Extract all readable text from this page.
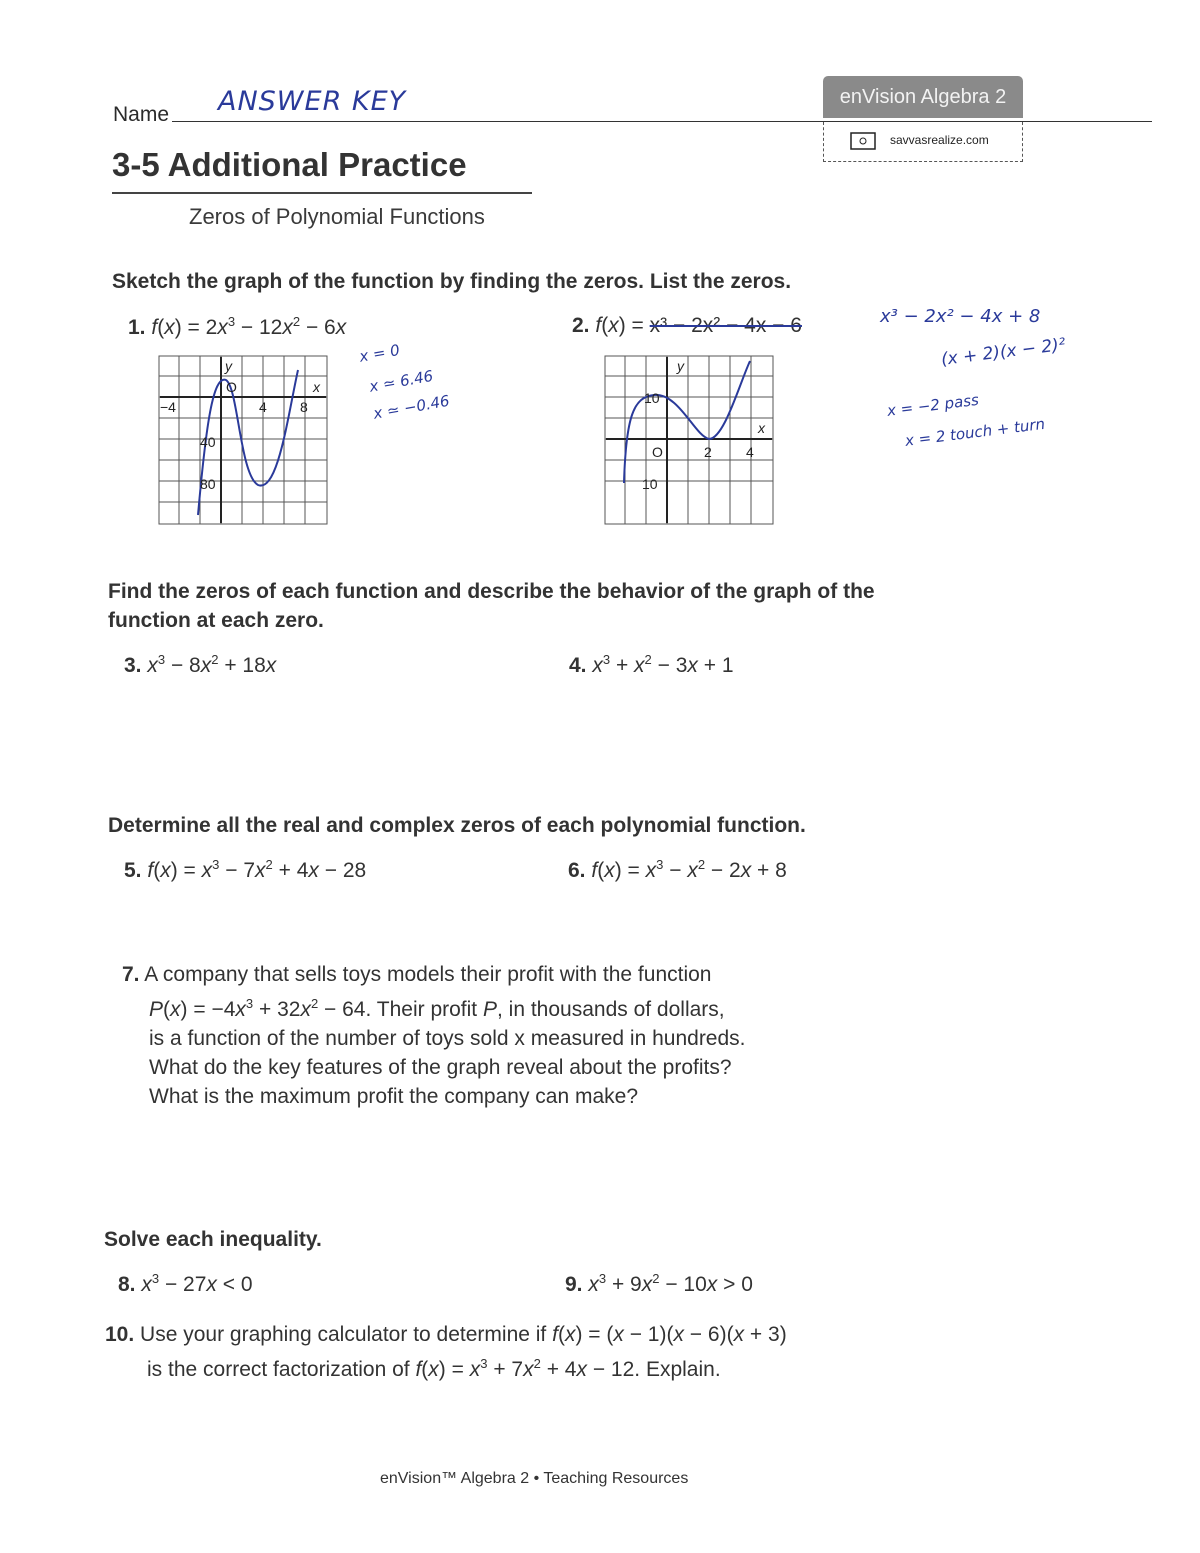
Name ANSWER KEY	enVision Algebra 2
savvasrealize.com
3-5 Additional Practice
Zeros of Polynomial Functions
Sketch the graph of the function by finding the zeros. List the zeros.
1. $f(x) = 2x^3 - 12x^2 - 6x$
y
O	x
−4	4 8
40
80
x = 0
x ≃ 6.46
x ≃ −0.46
2. f(x) = x³ − 2x² − 4x − 6
y
O
x
2 4
10
10
x³ − 2x² − 4x + 8
(x + 2)(x − 2)²
x = −2 pass
x = 2 touch + turn
Find the zeros of each function and describe the behavior of the graph of the
function at each zero.
3. $x^3 - 8x^2 + 18x$	4. $x^3 + x^2 - 3x + 1$
Determine all the real and complex zeros of each polynomial function.
5. $f(x) = x^3 - 7x^2 + 4x - 28$	6. $f(x) = x^3 - x^2 - 2x + 8$
7. A company that sells toys models their profit with the function
$P(x) = -4x^3 + 32x^2 - 64$. Their profit P, in thousands of dollars,
is a function of the number of toys sold x measured in hundreds.
What do the key features of the graph reveal about the profits?
What is the maximum profit the company can make?
Solve each inequality.
8. $x^3 - 27x < 0$	9. $x^3 + 9x^2 - 10x > 0$
10. Use your graphing calculator to determine if f(x) = (x − 1)(x − 6)(x + 3)
is the correct factorization of $f(x) = x^3 + 7x^2 + 4x - 12$. Explain.
enVision™ Algebra 2 • Teaching Resources
